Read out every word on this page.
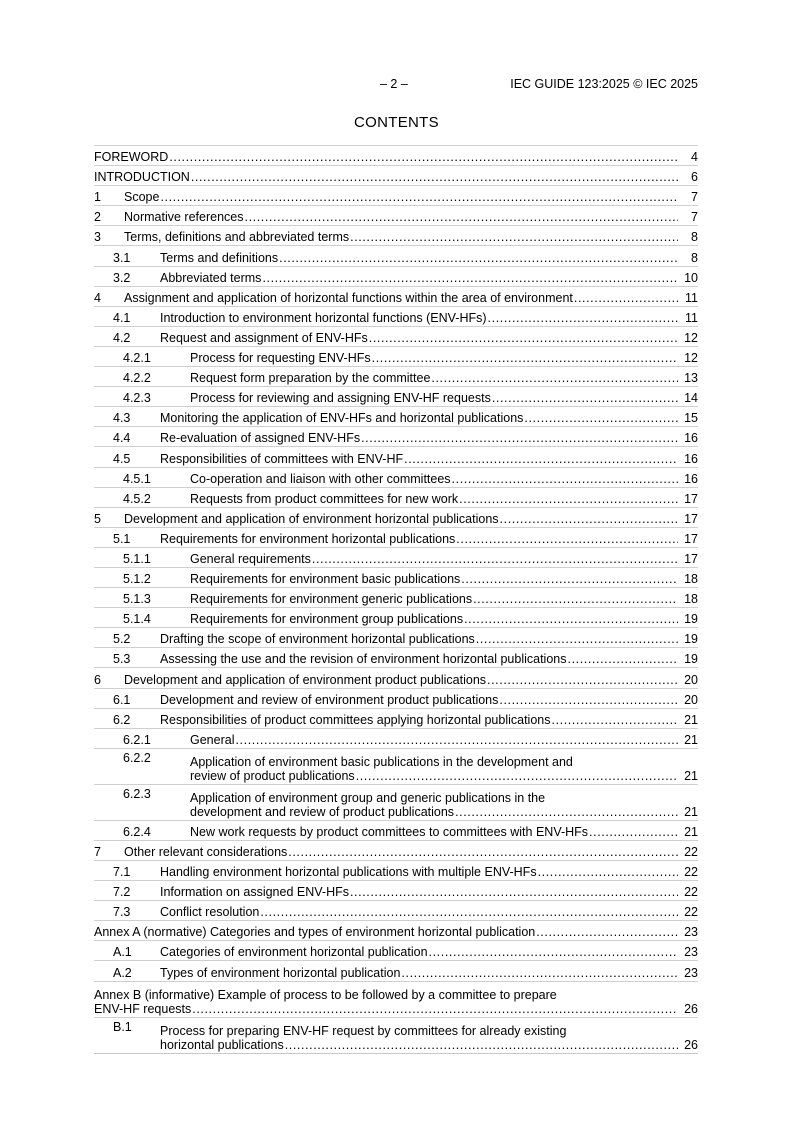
– 2 –	IEC GUIDE 123:2025 © IEC 2025
CONTENTS
FOREWORD .....	4
INTRODUCTION .....	6
1 Scope .....	7
2 Normative references .....	7
3 Terms, definitions and abbreviated terms .....	8
3.1 Terms and definitions .....	8
3.2 Abbreviated terms .....	10
4 Assignment and application of horizontal functions within the area of environment .....	11
4.1 Introduction to environment horizontal functions (ENV-HFs) .....	11
4.2 Request and assignment of ENV-HFs .....	12
4.2.1	Process for requesting ENV-HFs .....	12
4.2.2	Request form preparation by the committee .....	13
4.2.3	Process for reviewing and assigning ENV-HF requests .....	14
4.3 Monitoring the application of ENV-HFs and horizontal publications .....	15
4.4 Re-evaluation of assigned ENV-HFs .....	16
4.5 Responsibilities of committees with ENV-HF .....	16
4.5.1	Co-operation and liaison with other committees .....	16
4.5.2	Requests from product committees for new work .....	17
5 Development and application of environment horizontal publications .....	17
5.1 Requirements for environment horizontal publications .....	17
5.1.1	General requirements .....	17
5.1.2	Requirements for environment basic publications .....	18
5.1.3	Requirements for environment generic publications .....	18
5.1.4	Requirements for environment group publications .....	19
5.2 Drafting the scope of environment horizontal publications .....	19
5.3 Assessing the use and the revision of environment horizontal publications .....	19
6 Development and application of environment product publications .....	20
6.1 Development and review of environment product publications .....	20
6.2 Responsibilities of product committees applying horizontal publications .....	21
6.2.1	General .....	21
6.2.2	Application of environment basic publications in the development and
review of product publications .....	21
6.2.3	Application of environment group and generic publications in the
development and review of product publications .....	21
6.2.4	New work requests by product committees to committees with ENV-HFs .....	21
7 Other relevant considerations .....	22
7.1 Handling environment horizontal publications with multiple ENV-HFs .....	22
7.2 Information on assigned ENV-HFs .....	22
7.3 Conflict resolution .....	22
Annex A (normative) Categories and types of environment horizontal publication .....	23
A.1 Categories of environment horizontal publication .....	23
A.2 Types of environment horizontal publication .....	23
Annex B (informative) Example of process to be followed by a committee to prepare
ENV-HF requests .....	26
B.1 Process for preparing ENV-HF request by committees for already existing
horizontal publications .....	26
